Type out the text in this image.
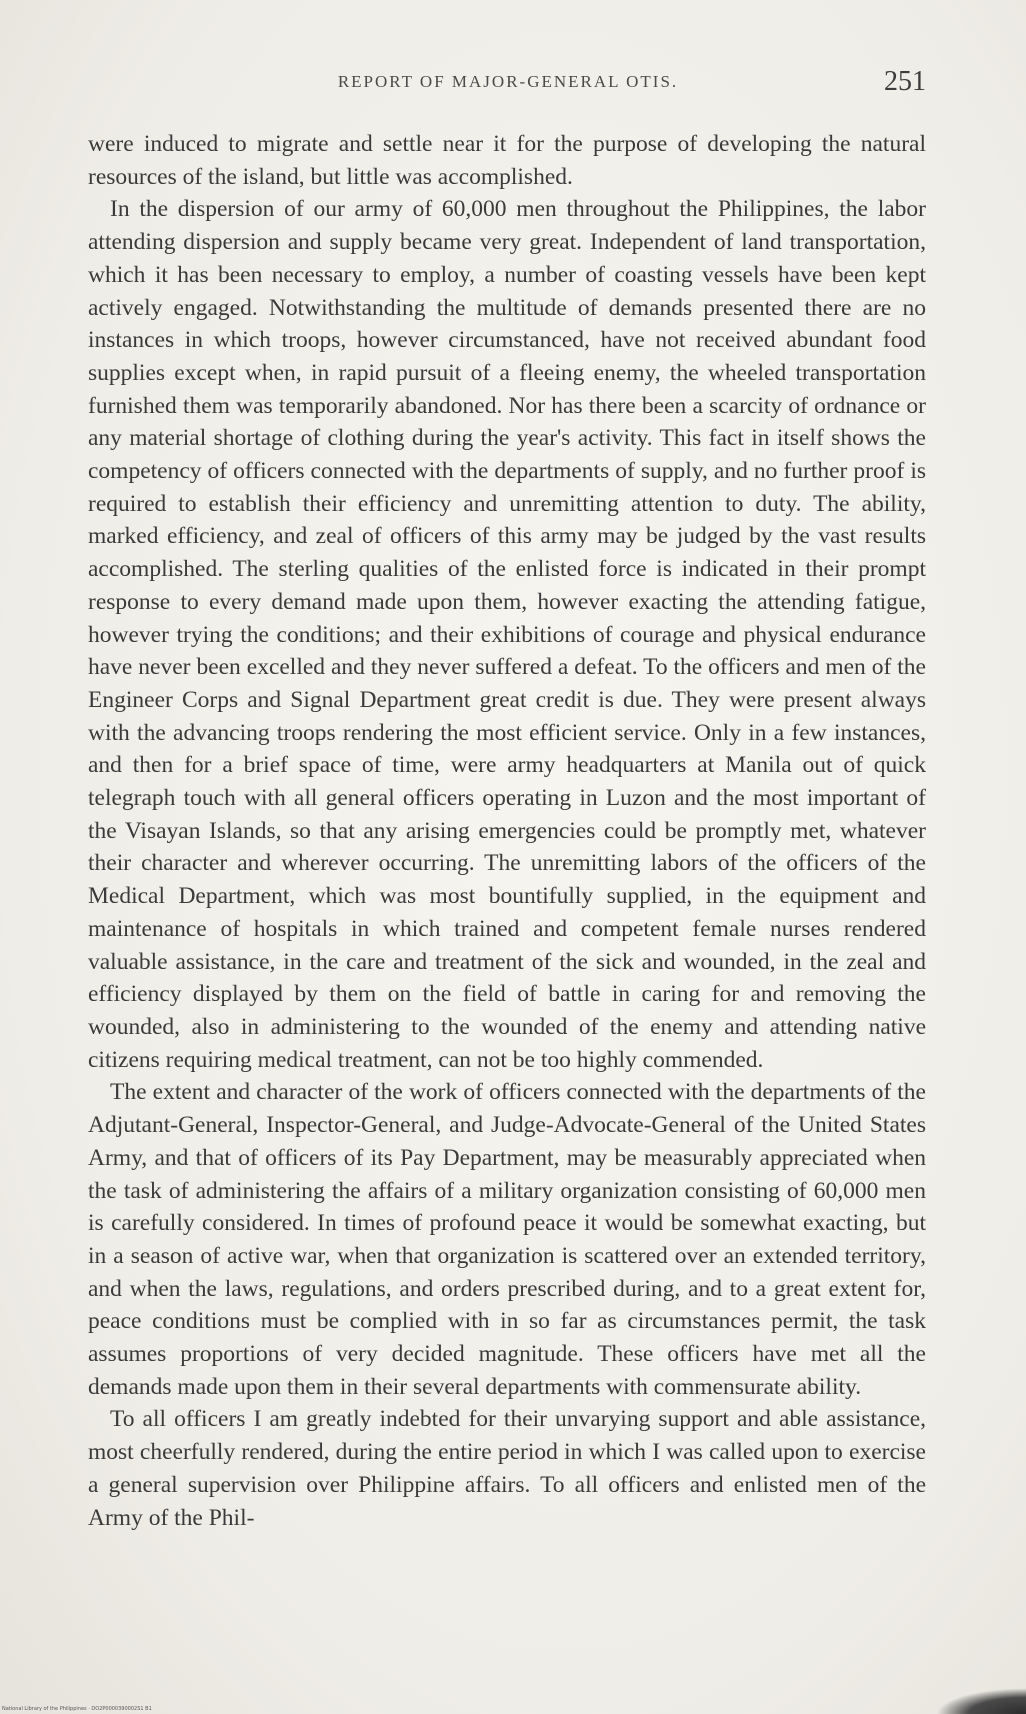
REPORT OF MAJOR-GENERAL OTIS.	251

were induced to migrate and settle near it for the purpose of developing the natural resources of the island, but little was accomplished.

In the dispersion of our army of 60,000 men throughout the Philippines, the labor attending dispersion and supply became very great. Independent of land transportation, which it has been necessary to employ, a number of coasting vessels have been kept actively engaged. Notwithstanding the multitude of demands presented there are no instances in which troops, however circumstanced, have not received abundant food supplies except when, in rapid pursuit of a fleeing enemy, the wheeled transportation furnished them was temporarily abandoned. Nor has there been a scarcity of ordnance or any material shortage of clothing during the year's activity. This fact in itself shows the competency of officers connected with the departments of supply, and no further proof is required to establish their efficiency and unremitting attention to duty. The ability, marked efficiency, and zeal of officers of this army may be judged by the vast results accomplished. The sterling qualities of the enlisted force is indicated in their prompt response to every demand made upon them, however exacting the attending fatigue, however trying the conditions; and their exhibitions of courage and physical endurance have never been excelled and they never suffered a defeat. To the officers and men of the Engineer Corps and Signal Department great credit is due. They were present always with the advancing troops rendering the most efficient service. Only in a few instances, and then for a brief space of time, were army headquarters at Manila out of quick telegraph touch with all general officers operating in Luzon and the most important of the Visayan Islands, so that any arising emergencies could be promptly met, whatever their character and wherever occurring. The unremitting labors of the officers of the Medical Department, which was most bountifully supplied, in the equipment and maintenance of hospitals in which trained and competent female nurses rendered valuable assistance, in the care and treatment of the sick and wounded, in the zeal and efficiency displayed by them on the field of battle in caring for and removing the wounded, also in administering to the wounded of the enemy and attending native citizens requiring medical treatment, can not be too highly commended.

The extent and character of the work of officers connected with the departments of the Adjutant-General, Inspector-General, and Judge-Advocate-General of the United States Army, and that of officers of its Pay Department, may be measurably appreciated when the task of administering the affairs of a military organization consisting of 60,000 men is carefully considered. In times of profound peace it would be somewhat exacting, but in a season of active war, when that organization is scattered over an extended territory, and when the laws, regulations, and orders prescribed during, and to a great extent for, peace conditions must be complied with in so far as circumstances permit, the task assumes proportions of very decided magnitude. These officers have met all the demands made upon them in their several departments with commensurate ability.

To all officers I am greatly indebted for their unvarying support and able assistance, most cheerfully rendered, during the entire period in which I was called upon to exercise a general supervision over Philippine affairs. To all officers and enlisted men of the Army of the Phil-

National Library of the Philippines · DO2P0000390002S1 B1
